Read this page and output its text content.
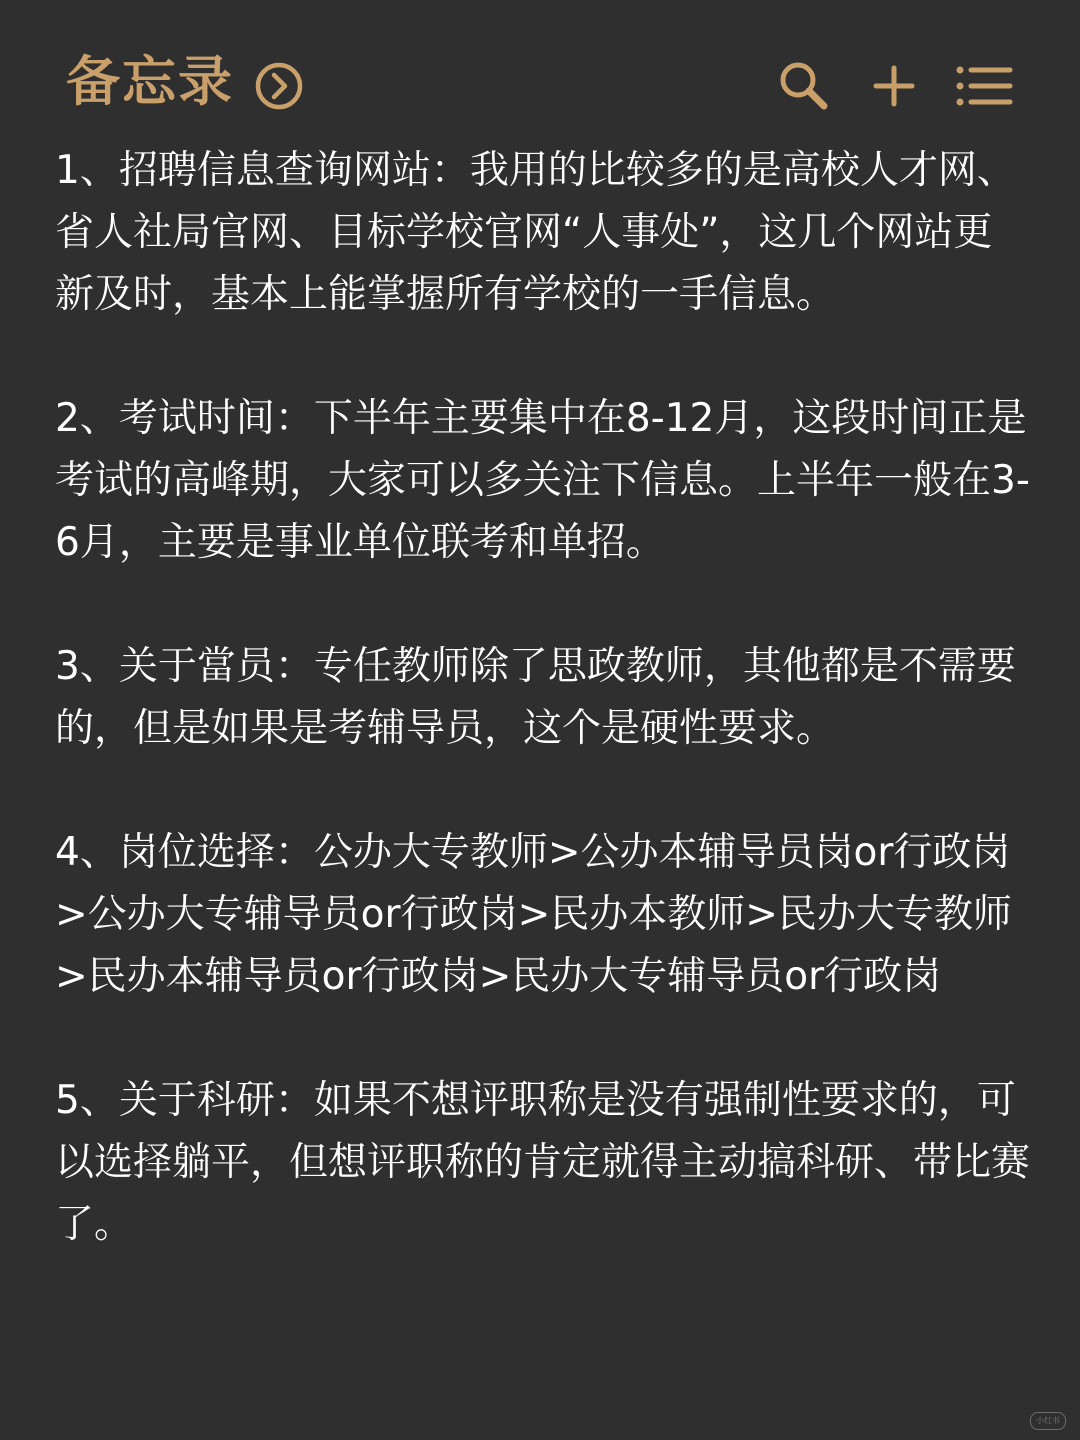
备忘录

1、招聘信息查询网站：我用的比较多的是高校人才网、省人社局官网、目标学校官网“人事处”，这几个网站更新及时，基本上能掌握所有学校的一手信息。

2、考试时间：下半年主要集中在8-12月，这段时间正是考试的高峰期，大家可以多关注下信息。上半年一般在3-6月，主要是事业单位联考和单招。

3、关于當员：专任教师除了思政教师，其他都是不需要的，但是如果是考辅导员，这个是硬性要求。

4、岗位选择：公办大专教师>公办本辅导员岗or行政岗>公办大专辅导员or行政岗>民办本教师>民办大专教师>民办本辅导员or行政岗>民办大专辅导员or行政岗

5、关于科研：如果不想评职称是没有强制性要求的，可以选择躺平，但想评职称的肯定就得主动搞科研、带比赛了。

小红书
